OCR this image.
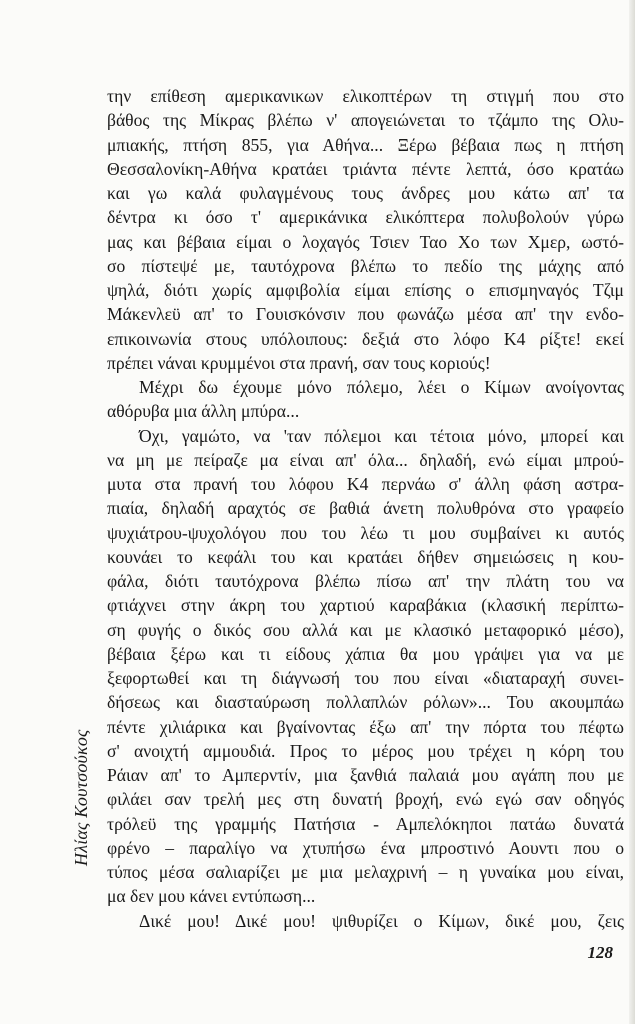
την επίθεση αμερικανικων ελικοπτέρων τη στιγμή που στο
βάθος της Μίκρας βλέπω ν' απογειώνεται το τζάμπο της Ολυ-
μπιακής, πτήση 855, για Αθήνα... Ξέρω βέβαια πως η πτήση
Θεσσαλονίκη-Αθήνα κρατάει τριάντα πέντε λεπτά, όσο κρατάω
και γω καλά φυλαγμένους τους άνδρες μου κάτω απ' τα
δέντρα κι όσο τ' αμερικάνικα ελικόπτερα πολυβολούν γύρω
μας και βέβαια είμαι ο λοχαγός Τσιεν Ταο Χο των Χμερ, ωστό-
σο πίστεψέ με, ταυτόχρονα βλέπω το πεδίο της μάχης από
ψηλά, διότι χωρίς αμφιβολία είμαι επίσης ο επισμηναγός Τζιμ
Μάκενλεϋ απ' το Γουισκόνσιν που φωνάζω μέσα απ' την ενδο-
επικοινωνία στους υπόλοιπους: δεξιά στο λόφο Κ4 ρίξτε! εκεί
πρέπει νάναι κρυμμένοι στα πρανή, σαν τους κοριούς!
Μέχρι δω έχουμε μόνο πόλεμο, λέει ο Κίμων ανοίγοντας
αθόρυβα μια άλλη μπύρα...
Όχι, γαμώτο, να 'ταν πόλεμοι και τέτοια μόνο, μπορεί και
να μη με πείραζε μα είναι απ' όλα... δηλαδή, ενώ είμαι μπρού-
μυτα στα πρανή του λόφου Κ4 περνάω σ' άλλη φάση αστρα-
πιαία, δηλαδή αραχτός σε βαθιά άνετη πολυθρόνα στο γραφείο
ψυχιάτρου-ψυχολόγου που του λέω τι μου συμβαίνει κι αυτός
κουνάει το κεφάλι του και κρατάει δήθεν σημειώσεις η κου-
φάλα, διότι ταυτόχρονα βλέπω πίσω απ' την πλάτη του να
φτιάχνει στην άκρη του χαρτιού καραβάκια (κλασική περίπτω-
ση φυγής ο δικός σου αλλά και με κλασικό μεταφορικό μέσο),
βέβαια ξέρω και τι είδους χάπια θα μου γράψει για να με
ξεφορτωθεί και τη διάγνωσή του που είναι «διαταραχή συνει-
δήσεως και διασταύρωση πολλαπλών ρόλων»... Του ακουμπάω
πέντε χιλιάρικα και βγαίνοντας έξω απ' την πόρτα του πέφτω
σ' ανοιχτή αμμουδιά. Προς το μέρος μου τρέχει η κόρη του
Ράιαν απ' το Αμπερντίν, μια ξανθιά παλαιά μου αγάπη που με
φιλάει σαν τρελή μες στη δυνατή βροχή, ενώ εγώ σαν οδηγός
τρόλεϋ της γραμμής Πατήσια - Αμπελόκηποι πατάω δυνατά
φρένο – παραλίγο να χτυπήσω ένα μπροστινό Αουντι που ο
τύπος μέσα σαλιαρίζει με μια μελαχρινή – η γυναίκα μου είναι,
μα δεν μου κάνει εντύπωση...
Δικέ μου! Δικέ μου! ψιθυρίζει ο Κίμων, δικέ μου, ζεις
Ηλίας Κουτσούκος
128
